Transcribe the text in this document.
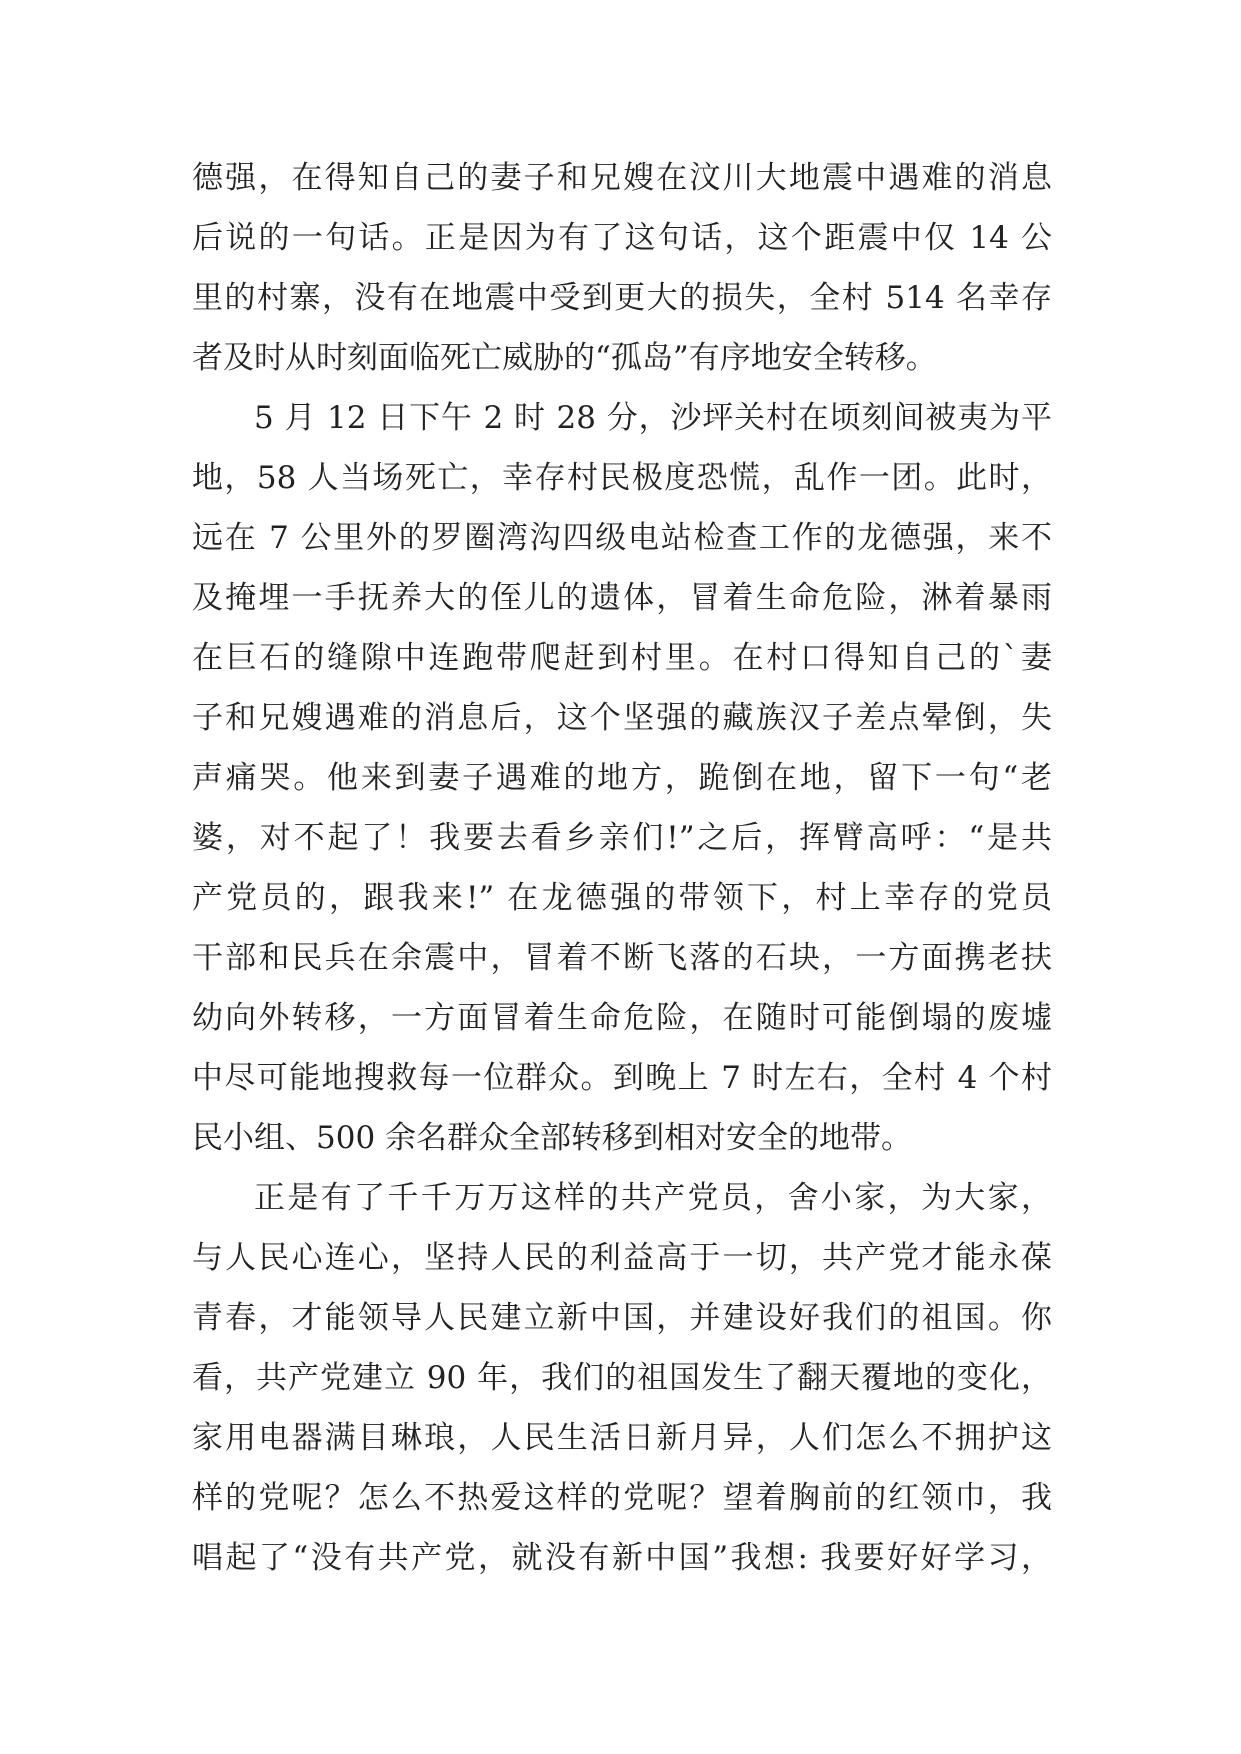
德强，在得知自己的妻子和兄嫂在汶川大地震中遇难的消息
后说的一句话。正是因为有了这句话，这个距震中仅 14 公
里的村寨，没有在地震中受到更大的损失，全村 514 名幸存
者及时从时刻面临死亡威胁的“孤岛”有序地安全转移。
5 月 12 日下午 2 时 28 分，沙坪关村在顷刻间被夷为平
地，58 人当场死亡，幸存村民极度恐慌，乱作一团。此时，
远在 7 公里外的罗圈湾沟四级电站检查工作的龙德强，来不
及掩埋一手抚养大的侄儿的遗体，冒着生命危险，淋着暴雨
在巨石的缝隙中连跑带爬赶到村里。在村口得知自己的`妻
子和兄嫂遇难的消息后，这个坚强的藏族汉子差点晕倒，失
声痛哭。他来到妻子遇难的地方，跪倒在地，留下一句“老
婆，对不起了！我要去看乡亲们!”之后，挥臂高呼：“是共
产党员的，跟我来!” 在龙德强的带领下，村上幸存的党员
干部和民兵在余震中，冒着不断飞落的石块，一方面携老扶
幼向外转移，一方面冒着生命危险，在随时可能倒塌的废墟
中尽可能地搜救每一位群众。到晚上 7 时左右，全村 4 个村
民小组、500 余名群众全部转移到相对安全的地带。
正是有了千千万万这样的共产党员，舍小家，为大家，
与人民心连心，坚持人民的利益高于一切，共产党才能永葆
青春，才能领导人民建立新中国，并建设好我们的祖国。你
看，共产党建立 90 年，我们的祖国发生了翻天覆地的变化，
家用电器满目琳琅，人民生活日新月异，人们怎么不拥护这
样的党呢？怎么不热爱这样的党呢？望着胸前的红领巾，我
唱起了“没有共产党，就没有新中国”我想: 我要好好学习，
